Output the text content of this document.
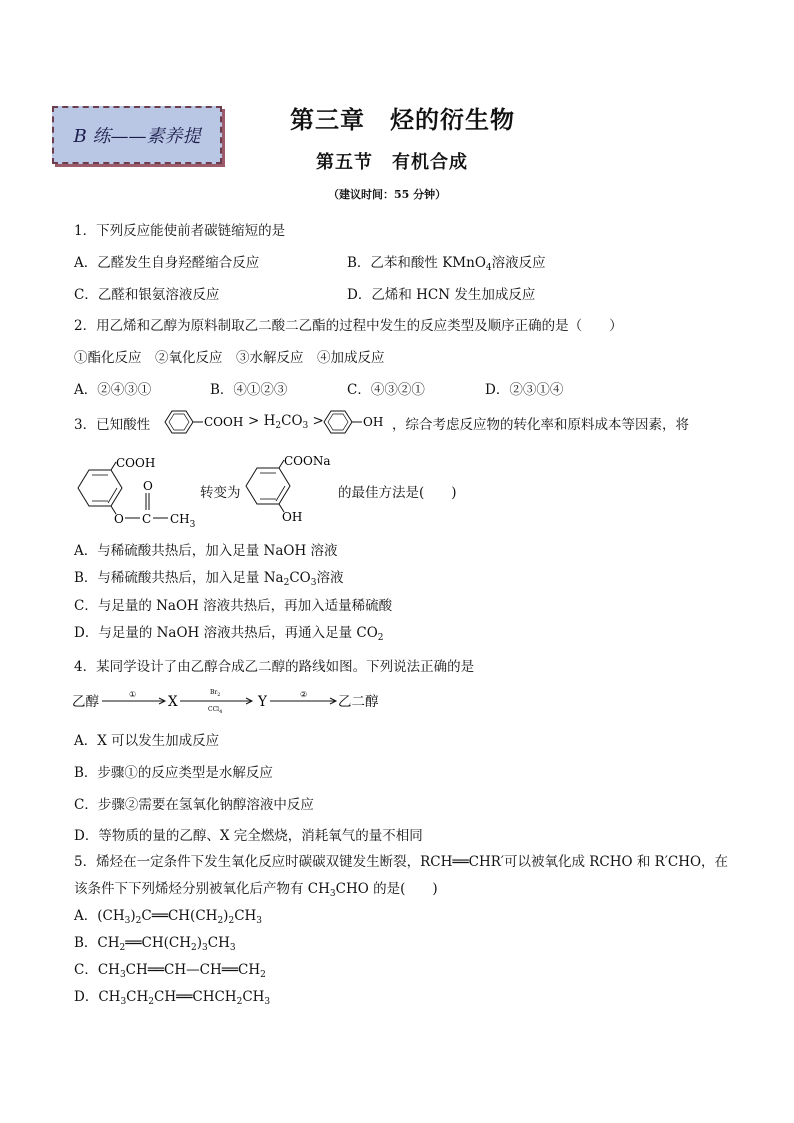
B 练——素养提
第三章　烃的衍生物
第五节　有机合成
（建议时间：55 分钟）
1．下列反应能使前者碳链缩短的是
A．乙醛发生自身羟醛缩合反应	B．乙苯和酸性 KMnO$_4$溶液反应
C．乙醛和银氨溶液反应	D．乙烯和 HCN 发生加成反应
2．用乙烯和乙醇为原料制取乙二酸二乙酯的过程中发生的反应类型及顺序正确的是（　　）
①酯化反应　②氧化反应　③水解反应　④加成反应
A．②④③①	B．④①②③	C．④③②①	D．②③①④
3．已知酸性	COOH > $H_2CO_3$ >	OH ，综合考虑反应物的转化率和原料成本等因素，将
COOH
O C
O
$CH_3$
转变为
COONa
OH
的最佳方法是(　　)
A．与稀硫酸共热后，加入足量 NaOH 溶液
B．与稀硫酸共热后，加入足量 $Na_2CO_3$溶液
C．与足量的 NaOH 溶液共热后，再加入适量稀硫酸
D．与足量的 NaOH 溶液共热后，再通入足量 $CO_2$
4．某同学设计了由乙醇合成乙二醇的路线如图。下列说法正确的是
乙醇	① X
$Br_2$
CCl$_4$
Y	② 乙二醇
A．X 可以发生加成反应
B．步骤①的反应类型是水解反应
C．步骤②需要在氢氧化钠醇溶液中反应
D．等物质的量的乙醇、X 完全燃烧，消耗氧气的量不相同
5．烯烃在一定条件下发生氧化反应时碳碳双键发生断裂，RCH══CHR′可以被氧化成 RCHO 和 R′CHO，在
该条件下下列烯烃分别被氧化后产物有 $CH_3CHO$ 的是(　　)
A．$(CH_3)_2C══CH(CH_2)_2CH_3$
B．$CH_2══CH(CH_2)_3CH_3$
C．$CH_3CH══CH—CH══CH_2$
D．$CH_3CH_2CH══CHCH_2CH_3$
